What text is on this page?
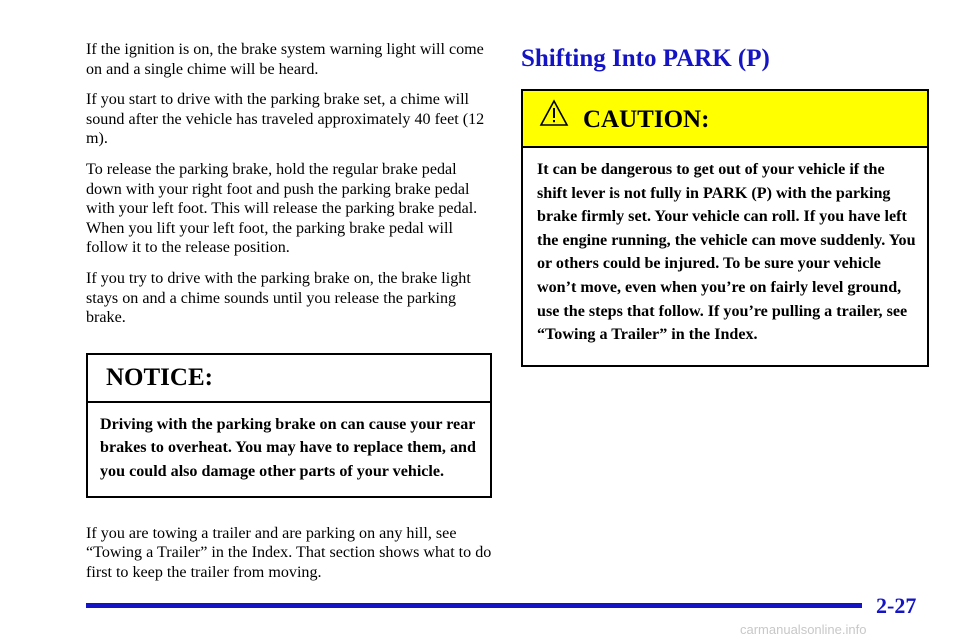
If the ignition is on, the brake system warning light will come on and a single chime will be heard.

If you start to drive with the parking brake set, a chime will sound after the vehicle has traveled approximately 40 feet (12 m).

To release the parking brake, hold the regular brake pedal down with your right foot and push the parking brake pedal with your left foot. This will release the parking brake pedal. When you lift your left foot, the parking brake pedal will follow it to the release position.

If you try to drive with the parking brake on, the brake light stays on and a chime sounds until you release the parking brake.

NOTICE:
Driving with the parking brake on can cause your rear brakes to overheat. You may have to replace them, and you could also damage other parts of your vehicle.

If you are towing a trailer and are parking on any hill, see “Towing a Trailer” in the Index. That section shows what to do first to keep the trailer from moving.

Shifting Into PARK (P)
CAUTION:
It can be dangerous to get out of your vehicle if the shift lever is not fully in PARK (P) with the parking brake firmly set. Your vehicle can roll. If you have left the engine running, the vehicle can move suddenly. You or others could be injured. To be sure your vehicle won’t move, even when you’re on fairly level ground, use the steps that follow. If you’re pulling a trailer, see “Towing a Trailer” in the Index.
2-27
carmanualsonline.info
